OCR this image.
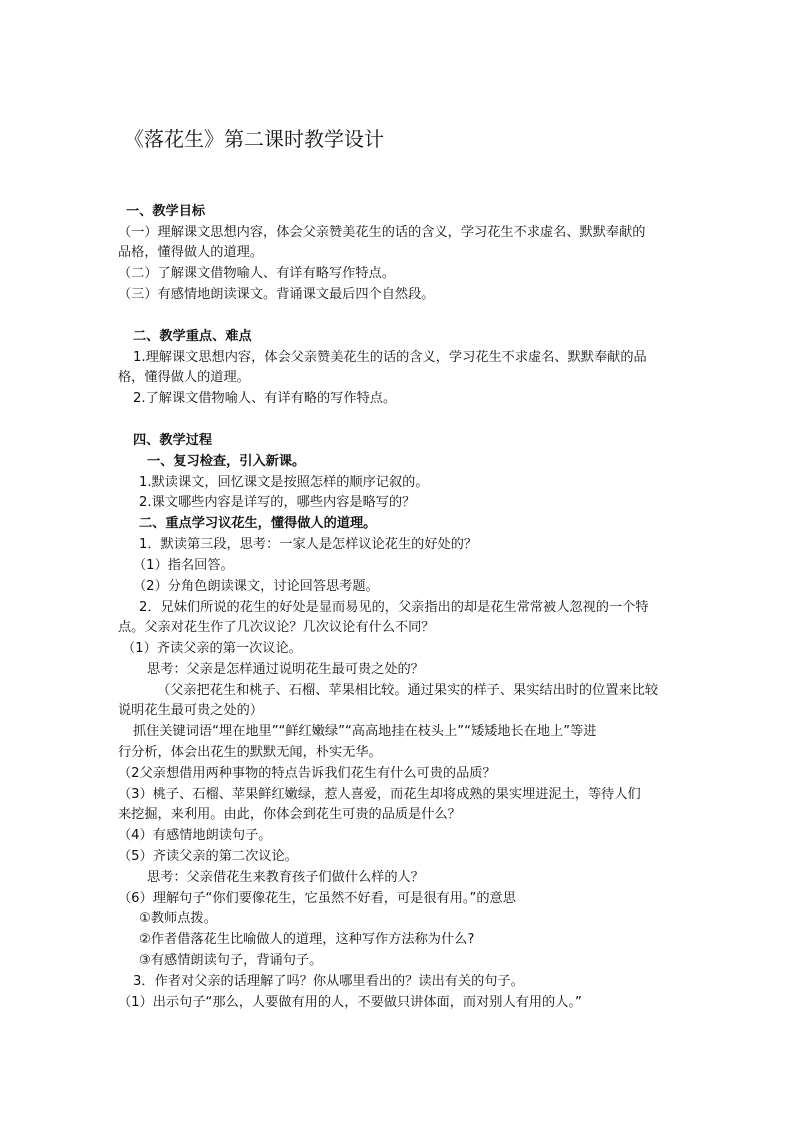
《落花生》第二课时教学设计
一、教学目标
（一）理解课文思想内容，体会父亲赞美花生的话的含义，学习花生不求虚名、默默奉献的
品格，懂得做人的道理。
（二）了解课文借物喻人、有详有略写作特点。
（三）有感情地朗读课文。背诵课文最后四个自然段。
二、教学重点、难点
1.理解课文思想内容，体会父亲赞美花生的话的含义，学习花生不求虚名、默默奉献的品
格，懂得做人的道理。
2.了解课文借物喻人、有详有略的写作特点。
四、教学过程
一、复习检查，引入新课。
1.默读课文，回忆课文是按照怎样的顺序记叙的。
2.课文哪些内容是详写的，哪些内容是略写的？
二、重点学习议花生，懂得做人的道理。
1．默读第三段，思考：一家人是怎样议论花生的好处的？
（1）指名回答。
（2）分角色朗读课文，讨论回答思考题。
2．兄妹们所说的花生的好处是显而易见的，父亲指出的却是花生常常被人忽视的一个特
点。父亲对花生作了几次议论？几次议论有什么不同？
（1）齐读父亲的第一次议论。
思考：父亲是怎样通过说明花生最可贵之处的？
（父亲把花生和桃子、石榴、苹果相比较。通过果实的样子、果实结出时的位置来比较
说明花生最可贵之处的）
抓住关键词语“埋在地里”“鲜红嫩绿”“高高地挂在枝头上”“矮矮地长在地上”等进
行分析，体会出花生的默默无闻，朴实无华。
（2父亲想借用两种事物的特点告诉我们花生有什么可贵的品质？
（3）桃子、石榴、苹果鲜红嫩绿，惹人喜爱，而花生却将成熟的果实埋进泥土，等待人们
来挖掘，来利用。由此，你体会到花生可贵的品质是什么？
（4）有感情地朗读句子。
（5）齐读父亲的第二次议论。
思考：父亲借花生来教育孩子们做什么样的人？
（6）理解句子“你们要像花生，它虽然不好看，可是很有用。”的意思
①教师点拨。
②作者借落花生比喻做人的道理，这种写作方法称为什么?
③有感情朗读句子，背诵句子。
3．作者对父亲的话理解了吗？你从哪里看出的？读出有关的句子。
（1）出示句子“那么，人要做有用的人，不要做只讲体面，而对别人有用的人。”
